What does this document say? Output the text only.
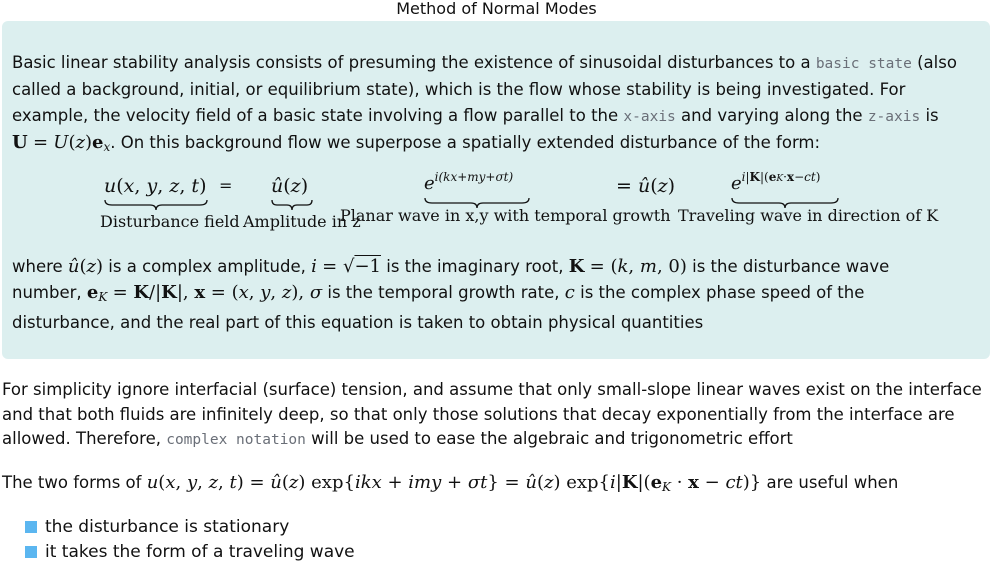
Method of Normal Modes

Basic linear stability analysis consists of presuming the existence of sinusoidal disturbances to a basic state (also
called a background, initial, or equilibrium state), which is the flow whose stability is being investigated. For
example, the velocity field of a basic state involving a flow parallel to the x-axis and varying along the z-axis is
$U = U(z)e_x$. On this background flow we superpose a spatially extended disturbance of the form:

u(x, y, z, t)
Disturbance field
= û(z)
Amplitude in z
$e^{i(kx+my+\sigma t)}$
Planar wave in x,y with temporal growth
= û(z)	$e^{i|K|(eK\cdot x-ct)}$
Traveling wave in direction of K

where û(z) is a complex amplitude, i = √−1 is the imaginary root, K = (k, m, 0) is the disturbance wave
number, $e_K = K/|K|$, x = (x, y, z), σ is the temporal growth rate, c is the complex phase speed of the
disturbance, and the real part of this equation is taken to obtain physical quantities

For simplicity ignore interfacial (surface) tension, and assume that only small-slope linear waves exist on the interface
and that both fluids are infinitely deep, so that only those solutions that decay exponentially from the interface are
allowed. Therefore, complex notation will be used to ease the algebraic and trigonometric effort

The two forms of u(x, y, z, t) = û(z) exp{ikx + imy + σt} = û(z) $\exp\{i|K|(e_K \cdot x - ct)\}$ are useful when

the disturbance is stationary
it takes the form of a traveling wave
